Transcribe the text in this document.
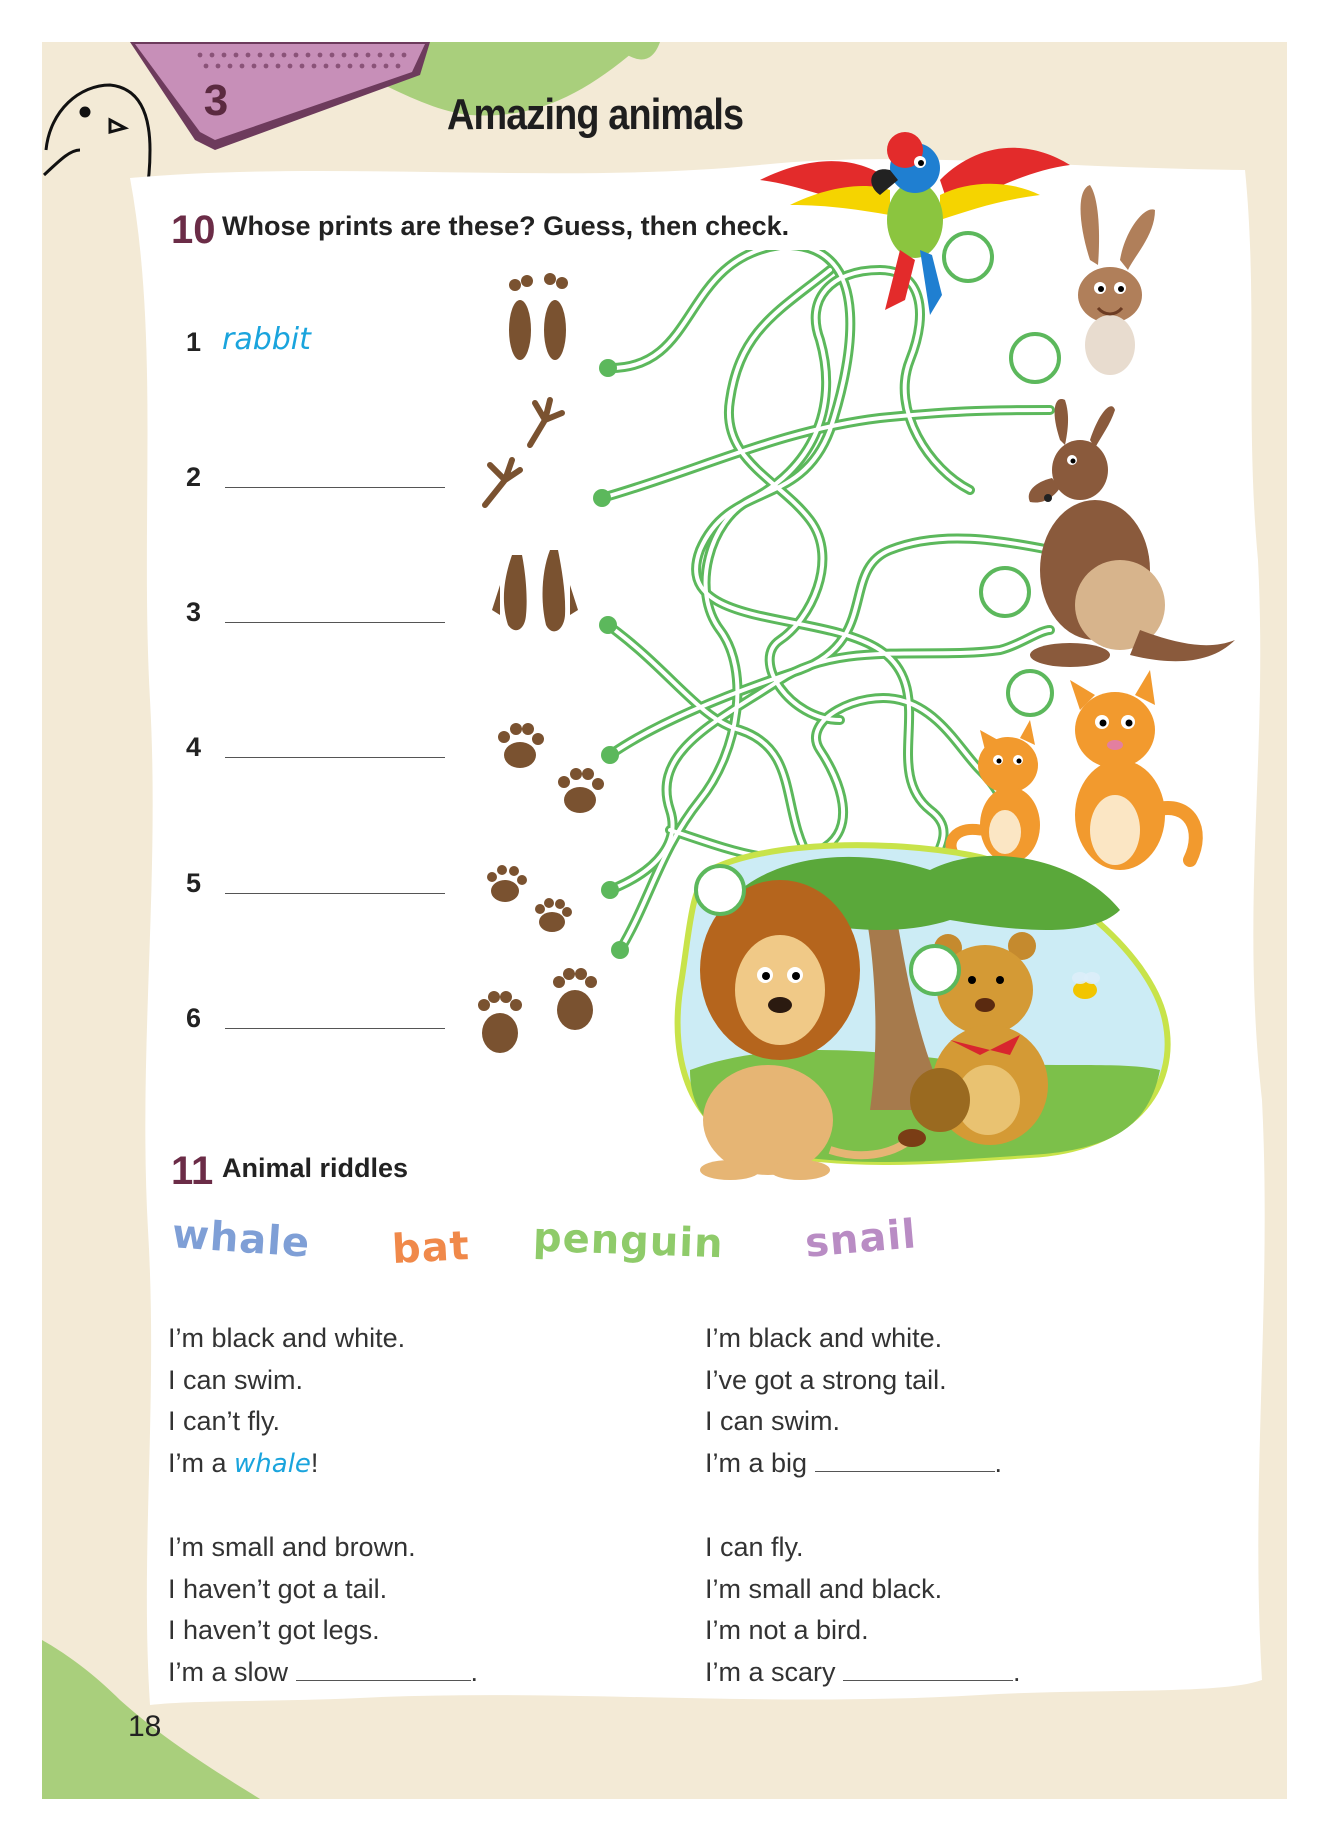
3	Amazing animals
10 Whose prints are these? Guess, then check.
1 rabbit
2
3
4
5
6
11 Animal riddles
whale bat penguin snail
I’m black and white.
I can swim.
I can’t fly.
I’m a whale!
I’m black and white.
I’ve got a strong tail.
I can swim.
I’m a big	.
I’m small and brown.
I haven’t got a tail.
I haven’t got legs.
I’m a slow	.
I can fly.
I’m small and black.
I’m not a bird.
I’m a scary	.
18
